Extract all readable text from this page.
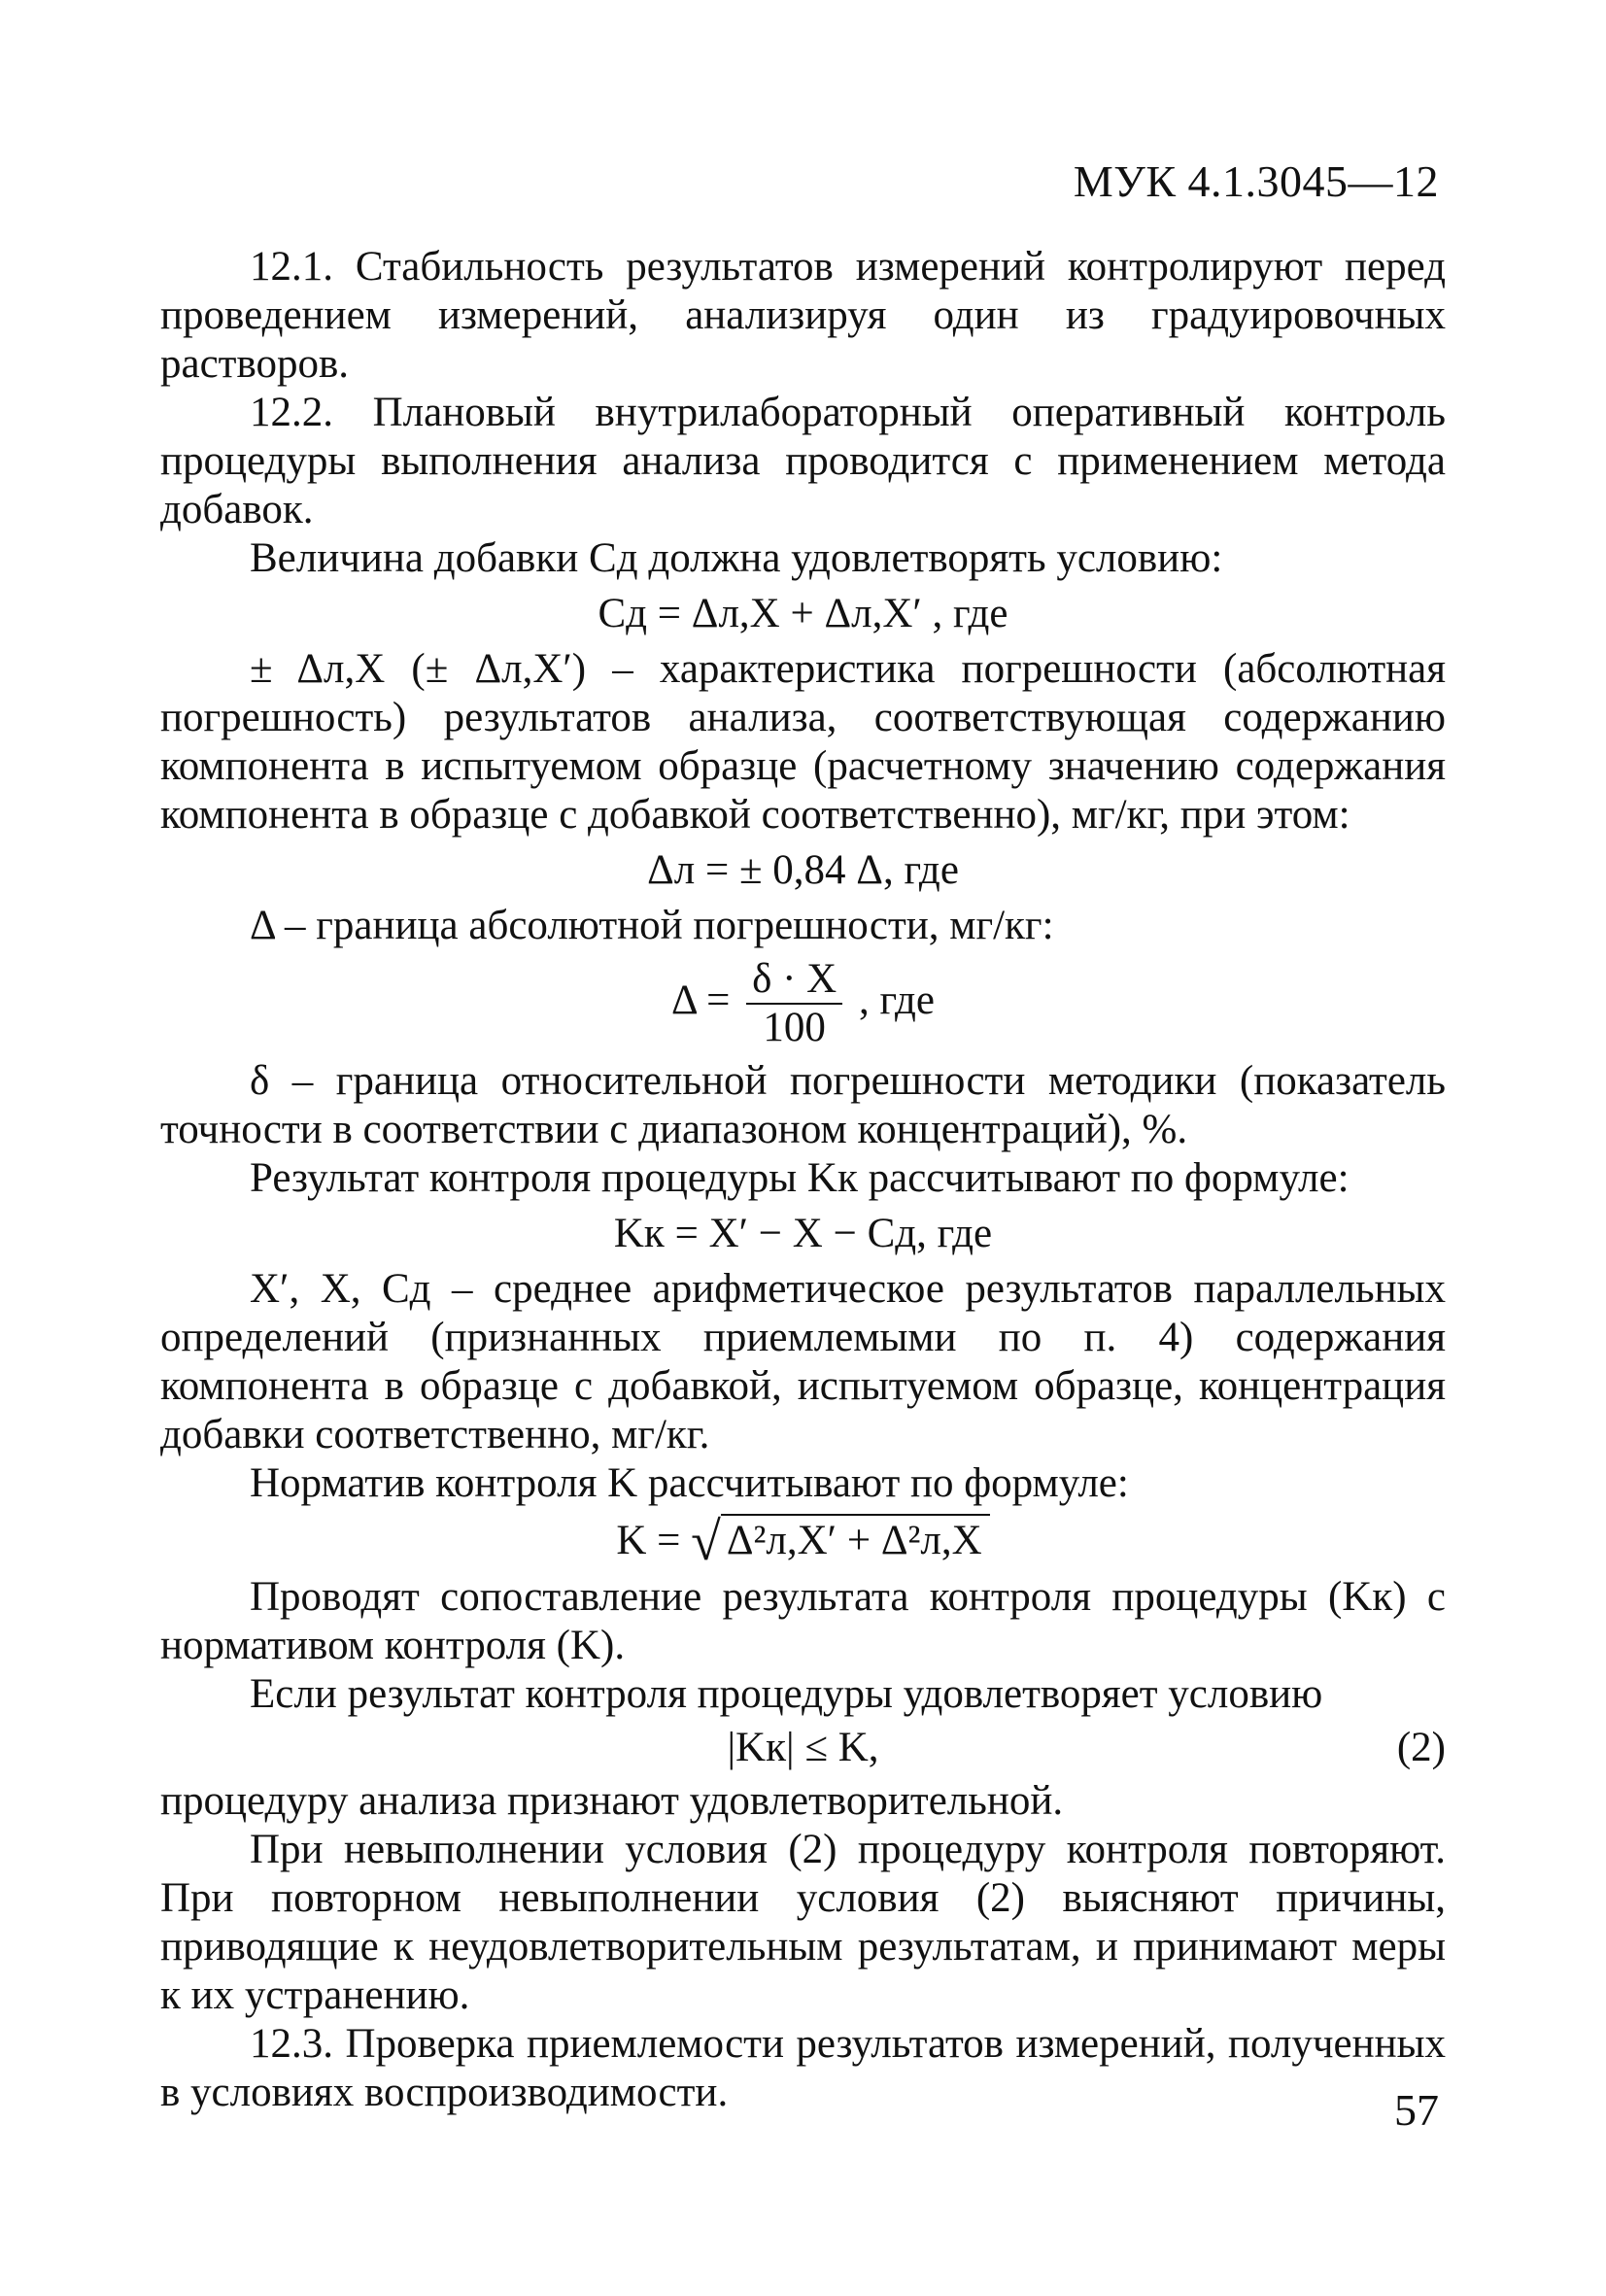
МУК 4.1.3045—12

12.1. Стабильность результатов измерений контролируют перед проведением измерений, анализируя один из градуировочных растворов.

12.2. Плановый внутрилабораторный оперативный контроль процедуры выполнения анализа проводится с применением метода добавок.

Величина добавки Cд должна удовлетворять условию:

Cд = Δл,X + Δл,X′ , где

± Δл,X (± Δл,X′) – характеристика погрешности (абсолютная погрешность) результатов анализа, соответствующая содержанию компонента в испытуемом образце (расчетному значению содержания компонента в образце с добавкой соответственно), мг/кг, при этом:

Δл = ± 0,84 Δ, где

Δ – граница абсолютной погрешности, мг/кг:

$\Delta = \frac{\delta \cdot X}{100}$ , где

δ – граница относительной погрешности методики (показатель точности в соответствии с диапазоном концентраций), %.

Результат контроля процедуры Kк рассчитывают по формуле:

Kк = X′ − X − Cд, где

X′, X, Cд – среднее арифметическое результатов параллельных определений (признанных приемлемыми по п. 4) содержания компонента в образце с добавкой, испытуемом образце, концентрация добавки соответственно, мг/кг.

Норматив контроля K рассчитывают по формуле:

K = √ Δ²л,X′ + Δ²л,X

Проводят сопоставление результата контроля процедуры (Kк) с нормативом контроля (K).

Если результат контроля процедуры удовлетворяет условию

|Kк| ≤ K,	(2)

процедуру анализа признают удовлетворительной.

При невыполнении условия (2) процедуру контроля повторяют. При повторном невыполнении условия (2) выясняют причины, приводящие к неудовлетворительным результатам, и принимают меры к их устранению.

12.3. Проверка приемлемости результатов измерений, полученных в условиях воспроизводимости.	57
